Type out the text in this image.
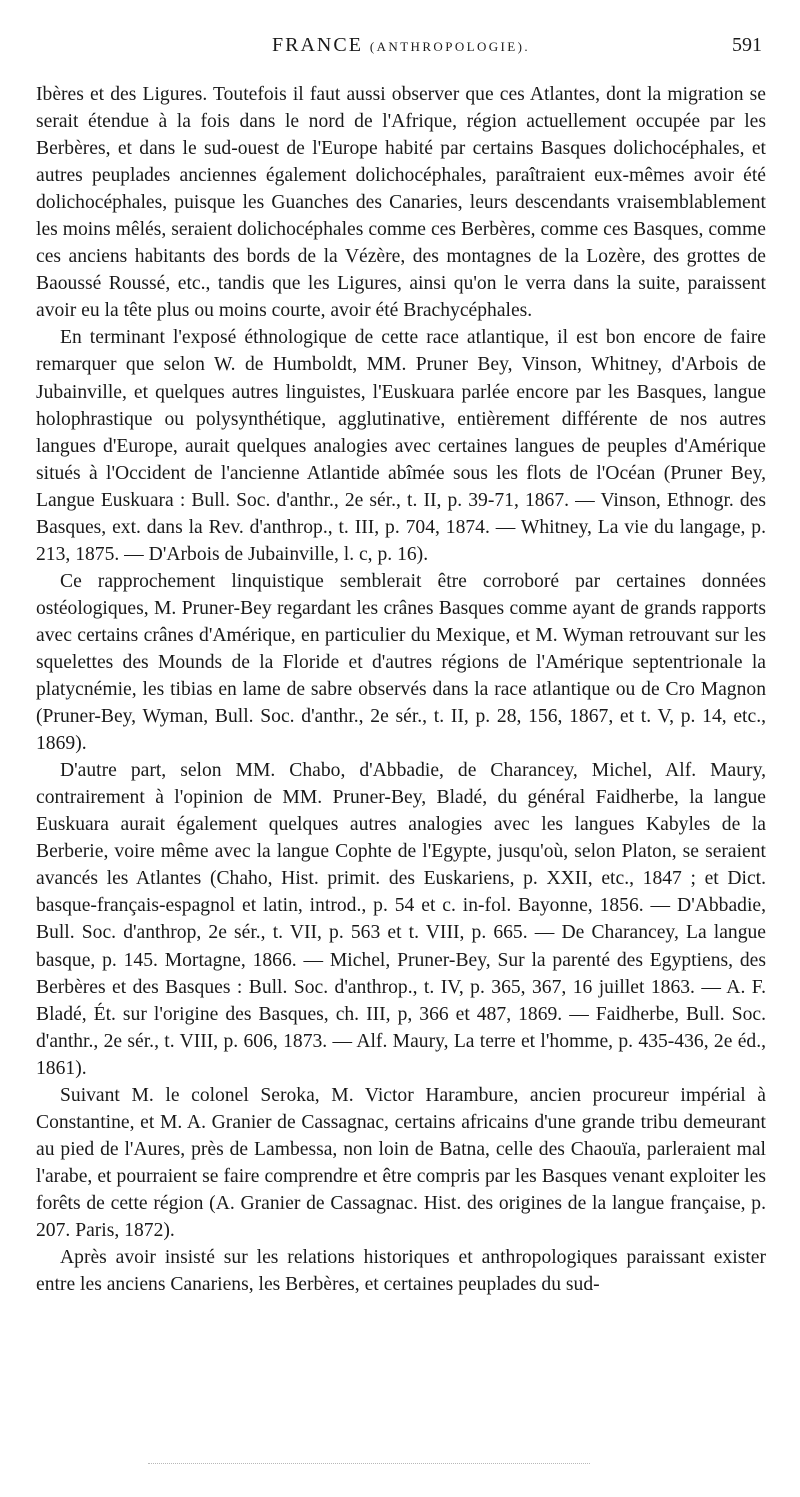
FRANCE (ANTHROPOLOGIE).	591

Ibères et des Ligures. Toutefois il faut aussi observer que ces Atlantes, dont la migration se serait étendue à la fois dans le nord de l'Afrique, région actuellement occupée par les Berbères, et dans le sud-ouest de l'Europe habité par certains Basques dolichocéphales, et autres peuplades anciennes également dolichocéphales, paraîtraient eux-mêmes avoir été dolichocéphales, puisque les Guanches des Canaries, leurs descendants vraisemblablement les moins mêlés, seraient dolichocéphales comme ces Berbères, comme ces Basques, comme ces anciens habitants des bords de la Vézère, des montagnes de la Lozère, des grottes de Baoussé Roussé, etc., tandis que les Ligures, ainsi qu'on le verra dans la suite, paraissent avoir eu la tête plus ou moins courte, avoir été Brachycéphales.

En terminant l'exposé éthnologique de cette race atlantique, il est bon encore de faire remarquer que selon W. de Humboldt, MM. Pruner Bey, Vinson, Whitney, d'Arbois de Jubainville, et quelques autres linguistes, l'Euskuara parlée encore par les Basques, langue holophrastique ou polysynthétique, agglutinative, entièrement différente de nos autres langues d'Europe, aurait quelques analogies avec certaines langues de peuples d'Amérique situés à l'Occident de l'ancienne Atlantide abîmée sous les flots de l'Océan (Pruner Bey, Langue Euskuara : Bull. Soc. d'anthr., 2e sér., t. II, p. 39-71, 1867. — Vinson, Ethnogr. des Basques, ext. dans la Rev. d'anthrop., t. III, p. 704, 1874. — Whitney, La vie du langage, p. 213, 1875. — D'Arbois de Jubainville, l. c, p. 16).

Ce rapprochement linquistique semblerait être corroboré par certaines données ostéologiques, M. Pruner-Bey regardant les crânes Basques comme ayant de grands rapports avec certains crânes d'Amérique, en particulier du Mexique, et M. Wyman retrouvant sur les squelettes des Mounds de la Floride et d'autres régions de l'Amérique septentrionale la platycnémie, les tibias en lame de sabre observés dans la race atlantique ou de Cro Magnon (Pruner-Bey, Wyman, Bull. Soc. d'anthr., 2e sér., t. II, p. 28, 156, 1867, et t. V, p. 14, etc., 1869).

D'autre part, selon MM. Chabo, d'Abbadie, de Charancey, Michel, Alf. Maury, contrairement à l'opinion de MM. Pruner-Bey, Bladé, du général Faidherbe, la langue Euskuara aurait également quelques autres analogies avec les langues Kabyles de la Berberie, voire même avec la langue Cophte de l'Egypte, jusqu'où, selon Platon, se seraient avancés les Atlantes (Chaho, Hist. primit. des Euskariens, p. XXII, etc., 1847 ; et Dict. basque-français-espagnol et latin, introd., p. 54 et c. in-fol. Bayonne, 1856. — D'Abbadie, Bull. Soc. d'anthrop, 2e sér., t. VII, p. 563 et t. VIII, p. 665. — De Charancey, La langue basque, p. 145. Mortagne, 1866. — Michel, Pruner-Bey, Sur la parenté des Egyptiens, des Berbères et des Basques : Bull. Soc. d'anthrop., t. IV, p. 365, 367, 16 juillet 1863. — A. F. Bladé, Ét. sur l'origine des Basques, ch. III, p, 366 et 487, 1869. — Faidherbe, Bull. Soc. d'anthr., 2e sér., t. VIII, p. 606, 1873. — Alf. Maury, La terre et l'homme, p. 435-436, 2e éd., 1861).

Suivant M. le colonel Seroka, M. Victor Harambure, ancien procureur impérial à Constantine, et M. A. Granier de Cassagnac, certains africains d'une grande tribu demeurant au pied de l'Aures, près de Lambessa, non loin de Batna, celle des Chaouïa, parleraient mal l'arabe, et pourraient se faire comprendre et être compris par les Basques venant exploiter les forêts de cette région (A. Granier de Cassagnac. Hist. des origines de la langue française, p. 207. Paris, 1872).

Après avoir insisté sur les relations historiques et anthropologiques paraissant exister entre les anciens Canariens, les Berbères, et certaines peuplades du sud-
